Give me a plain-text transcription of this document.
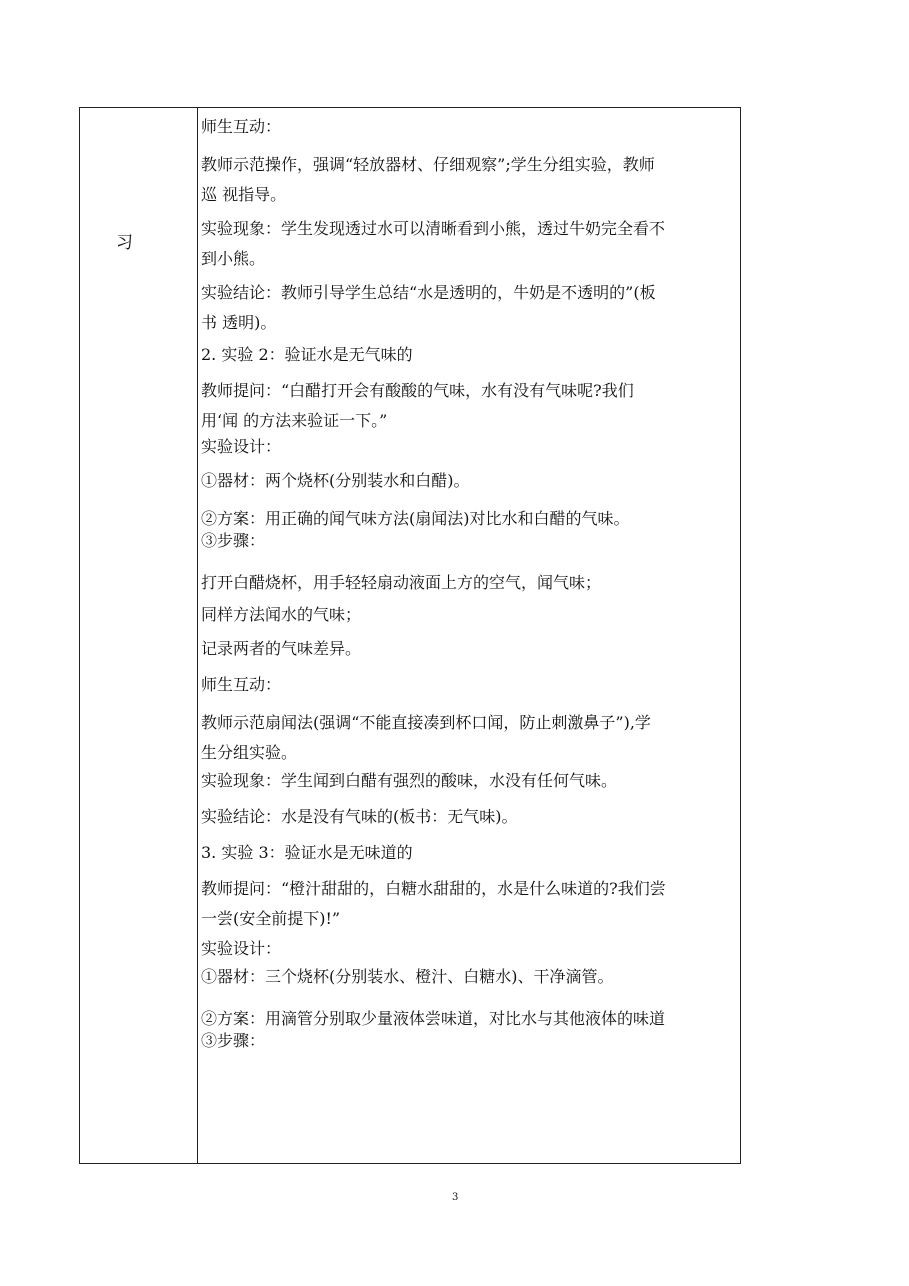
习
师生互动：
教师示范操作，强调“轻放器材、仔细观察”;学生分组实验，教师
巡 视指导。
实验现象：学生发现透过水可以清晰看到小熊，透过牛奶完全看不
到小熊。
实验结论：教师引导学生总结“水是透明的，牛奶是不透明的”(板
书 透明)。
2. 实验 2：验证水是无气味的
教师提问：“白醋打开会有酸酸的气味，水有没有气味呢?我们
用‘闻 的方法来验证一下。”
实验设计：
①器材：两个烧杯(分别装水和白醋)。
②方案：用正确的闻气味方法(扇闻法)对比水和白醋的气味。
③步骤：
打开白醋烧杯，用手轻轻扇动液面上方的空气，闻气味；
同样方法闻水的气味；
记录两者的气味差异。
师生互动：
教师示范扇闻法(强调“不能直接凑到杯口闻，防止刺激鼻子”),学
生分组实验。
实验现象：学生闻到白醋有强烈的酸味，水没有任何气味。
实验结论：水是没有气味的(板书：无气味)。
3. 实验 3：验证水是无味道的
教师提问：“橙汁甜甜的，白糖水甜甜的，水是什么味道的?我们尝
一尝(安全前提下)!”
实验设计：
①器材：三个烧杯(分别装水、橙汁、白糖水)、干净滴管。
②方案：用滴管分别取少量液体尝味道，对比水与其他液体的味道
③步骤：
3
